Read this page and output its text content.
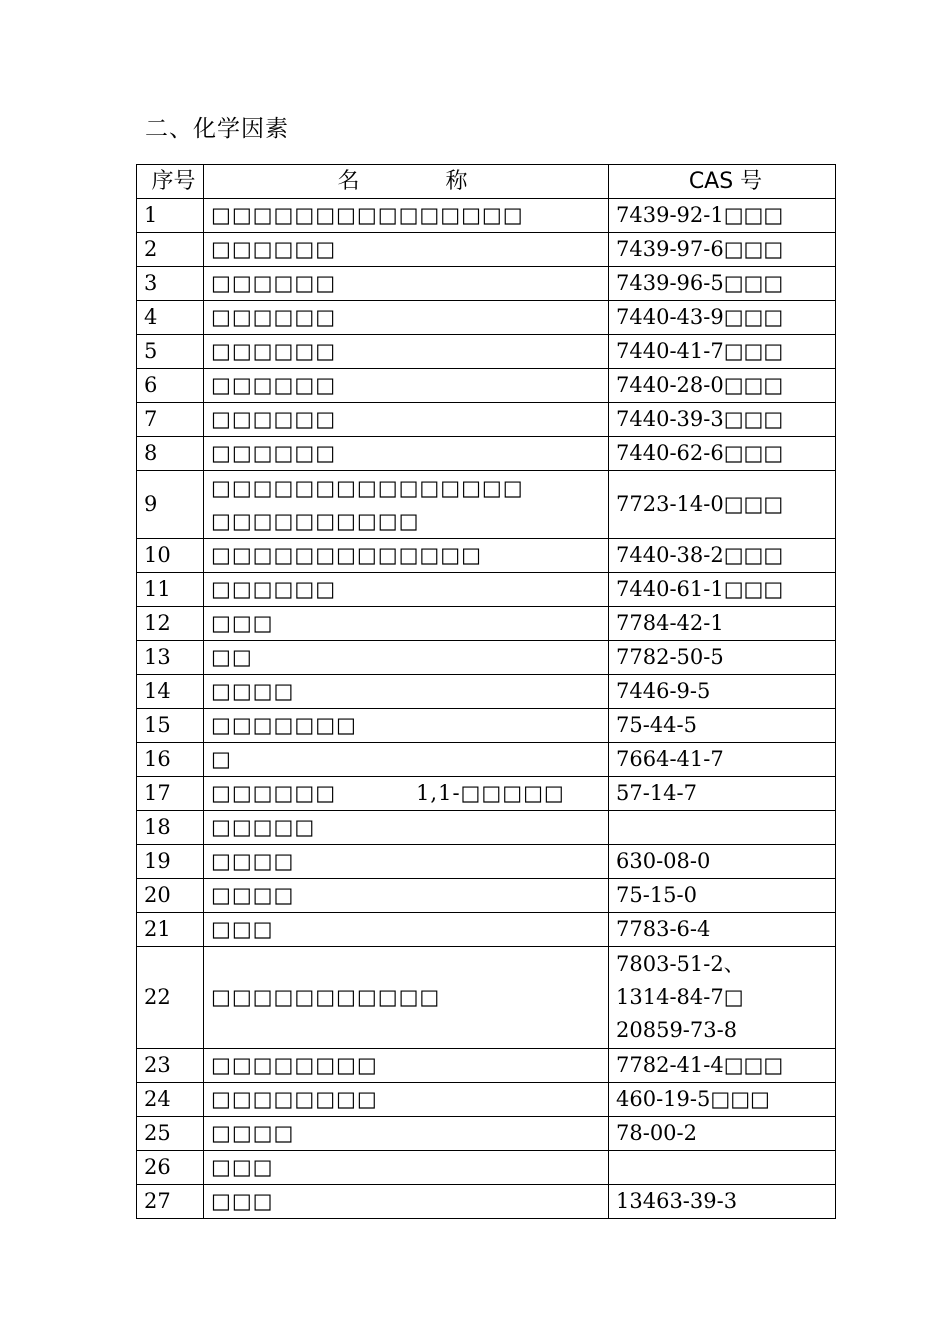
二、化学因素
序号	名　　称	CAS 号
1	□□□□□□□□□□□□□□□	7439-92-1□□□
2	□□□□□□	7439-97-6□□□
3	□□□□□□	7439-96-5□□□
4	□□□□□□	7440-43-9□□□
5	□□□□□□	7440-41-7□□□
6	□□□□□□	7440-28-0□□□
7	□□□□□□	7440-39-3□□□
8	□□□□□□	7440-62-6□□□
9	□□□□□□□□□□□□□□□
□□□□□□□□□□	7723-14-0□□□
10	□□□□□□□□□□□□□	7440-38-2□□□
11	□□□□□□	7440-61-1□□□
12	□□□	7784-42-1
13	□□	7782-50-5
14	□□□□	7446-9-5
15	□□□□□□□	75-44-5
16	□	7664-41-7
17	□□□□□□ 1,1-□□□□□	57-14-7
18	□□□□□	
19	□□□□	630-08-0
20	□□□□	75-15-0
21	□□□	7783-6-4
22	□□□□□□□□□□□	7803-51-2、
1314-84-7□
20859-73-8

23	□□□□□□□□	7782-41-4□□□
24	□□□□□□□□	460-19-5□□□
25	□□□□	78-00-2
26	□□□	
27	□□□	13463-39-3
